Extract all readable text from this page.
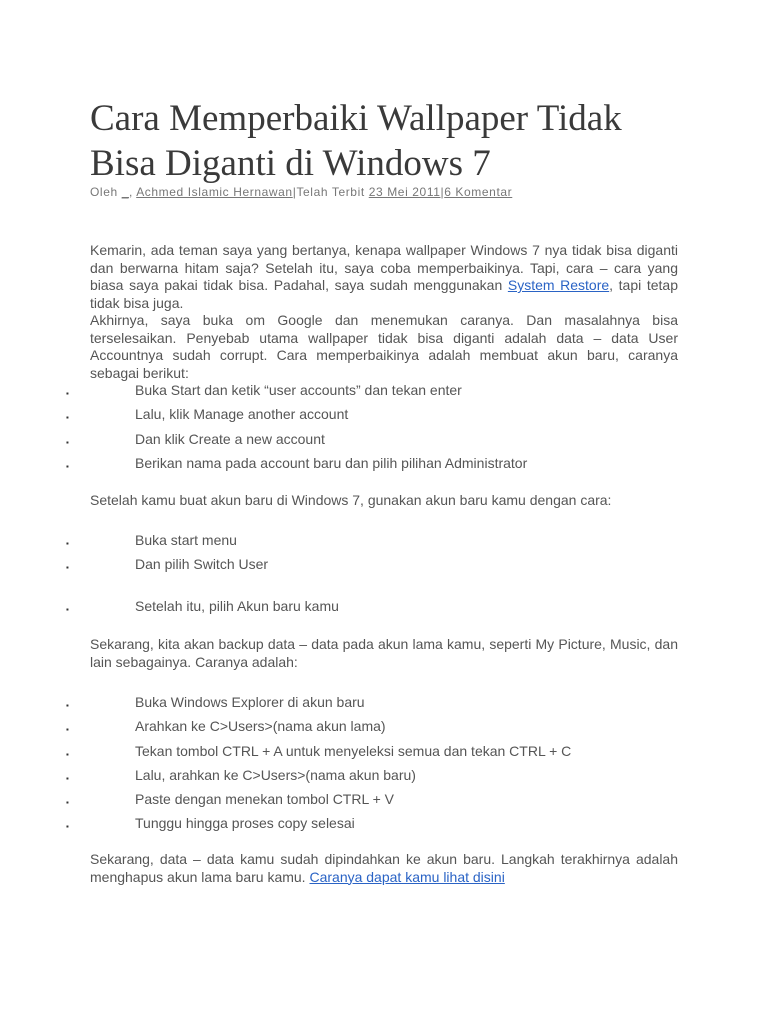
Cara Memperbaiki Wallpaper Tidak Bisa Diganti di Windows 7
Oleh _, Achmed Islamic Hernawan|Telah Terbit 23 Mei 2011|6 Komentar

Kemarin, ada teman saya yang bertanya, kenapa wallpaper Windows 7 nya tidak bisa diganti dan berwarna hitam saja? Setelah itu, saya coba memperbaikinya. Tapi, cara – cara yang biasa saya pakai tidak bisa. Padahal, saya sudah menggunakan System Restore, tapi tetap tidak bisa juga.

Akhirnya, saya buka om Google dan menemukan caranya. Dan masalahnya bisa terselesaikan. Penyebab utama wallpaper tidak bisa diganti adalah data – data User Accountnya sudah corrupt. Cara memperbaikinya adalah membuat akun baru, caranya sebagai berikut:

▪	Buka Start dan ketik “user accounts” dan tekan enter
▪	Lalu, klik Manage another account
▪	Dan klik Create a new account
▪	Berikan nama pada account baru dan pilih pilihan Administrator

Setelah kamu buat akun baru di Windows 7, gunakan akun baru kamu dengan cara:

▪	Buka start menu
▪	Dan pilih Switch User
▪	Setelah itu, pilih Akun baru kamu

Sekarang, kita akan backup data – data pada akun lama kamu, seperti My Picture, Music, dan lain sebagainya. Caranya adalah:

▪	Buka Windows Explorer di akun baru
▪	Arahkan ke C>Users>(nama akun lama)
▪	Tekan tombol CTRL + A untuk menyeleksi semua dan tekan CTRL + C
▪	Lalu, arahkan ke C>Users>(nama akun baru)
▪	Paste dengan menekan tombol CTRL + V
▪	Tunggu hingga proses copy selesai

Sekarang, data – data kamu sudah dipindahkan ke akun baru. Langkah terakhirnya adalah menghapus akun lama baru kamu. Caranya dapat kamu lihat disini
